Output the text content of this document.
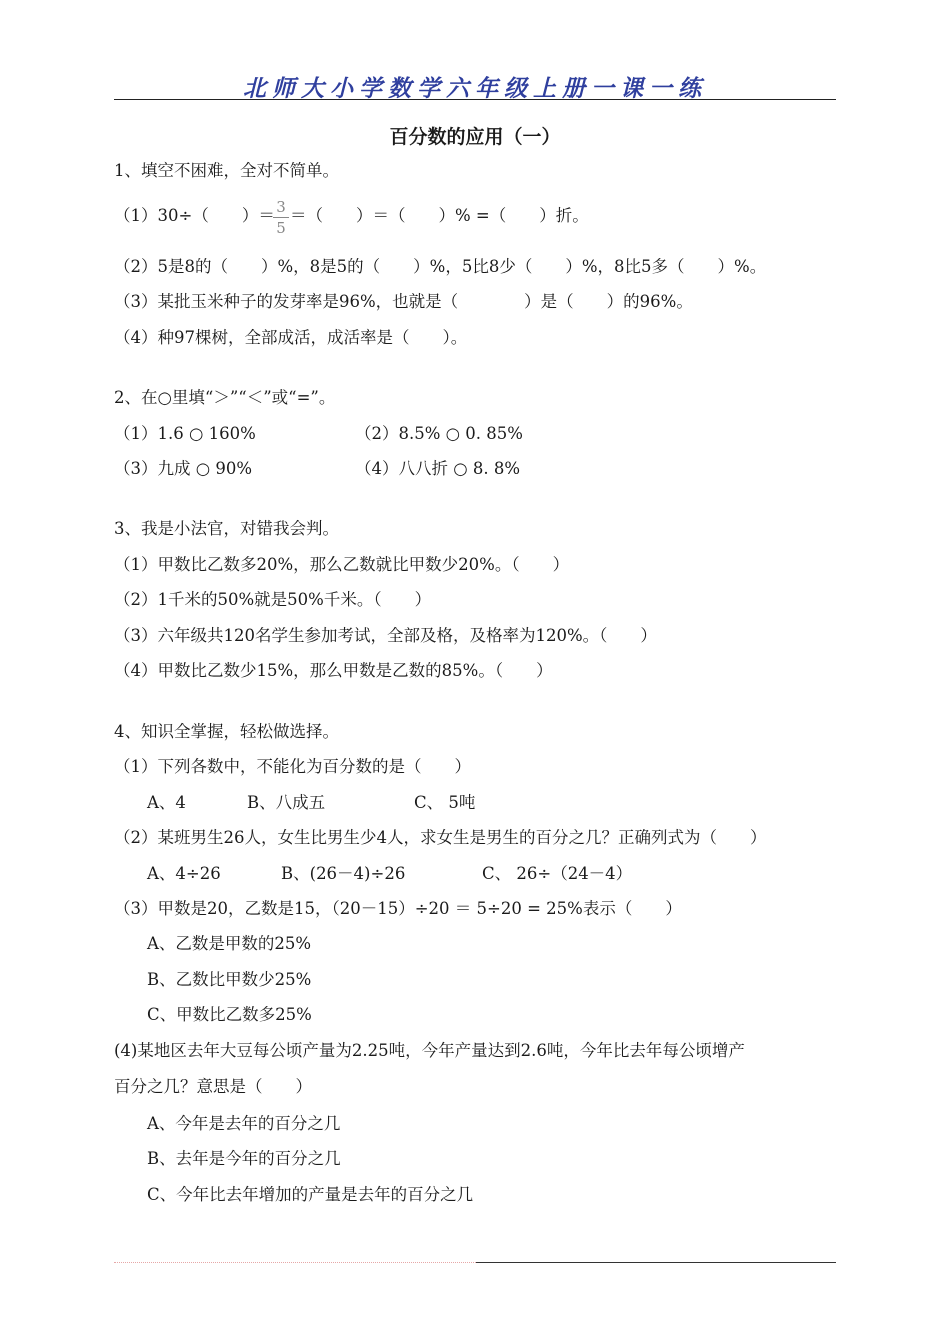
北师大小学数学六年级上册一课一练
百分数的应用（一）
1、填空不困难，全对不简单。
（1）30÷（　　）＝ 3
5
＝（　　）＝（　　）% =（　　）折。
（2）5是8的（　　）%，8是5的（　　）%，5比8少（　　）%，8比5多（　　）%。
（3）某批玉米种子的发芽率是96%，也就是（　　　　）是（　　）的96%。
（4）种97棵树，全部成活，成活率是（　　）。
2、在○里填“＞”“＜”或“=”。
（1）1.6 ○ 160%	（2）8.5% ○ 0. 85%
（3）九成 ○ 90%	（4）八八折 ○ 8. 8%
3、我是小法官，对错我会判。
（1）甲数比乙数多20%，那么乙数就比甲数少20%。（　　）
（2）1千米的50%就是50%千米。（　　）
（3）六年级共120名学生参加考试，全部及格，及格率为120%。（　　）
（4）甲数比乙数少15%，那么甲数是乙数的85%。（　　）
4、知识全掌握，轻松做选择。
（1）下列各数中，不能化为百分数的是（　　）
A、4	B、八成五	C、 5吨
（2）某班男生26人，女生比男生少4人，求女生是男生的百分之几？正确列式为（　　）
A、4÷26	B、(26－4)÷26	C、 26÷（24－4）
（3）甲数是20，乙数是15，（20－15）÷20 ＝ 5÷20 = 25%表示（　　）
A、乙数是甲数的25%
B、乙数比甲数少25%
C、甲数比乙数多25%
(4)某地区去年大豆每公顷产量为2.25吨，今年产量达到2.6吨，今年比去年每公顷增产
百分之几？意思是（　　）
A、今年是去年的百分之几
B、去年是今年的百分之几
C、今年比去年增加的产量是去年的百分之几
